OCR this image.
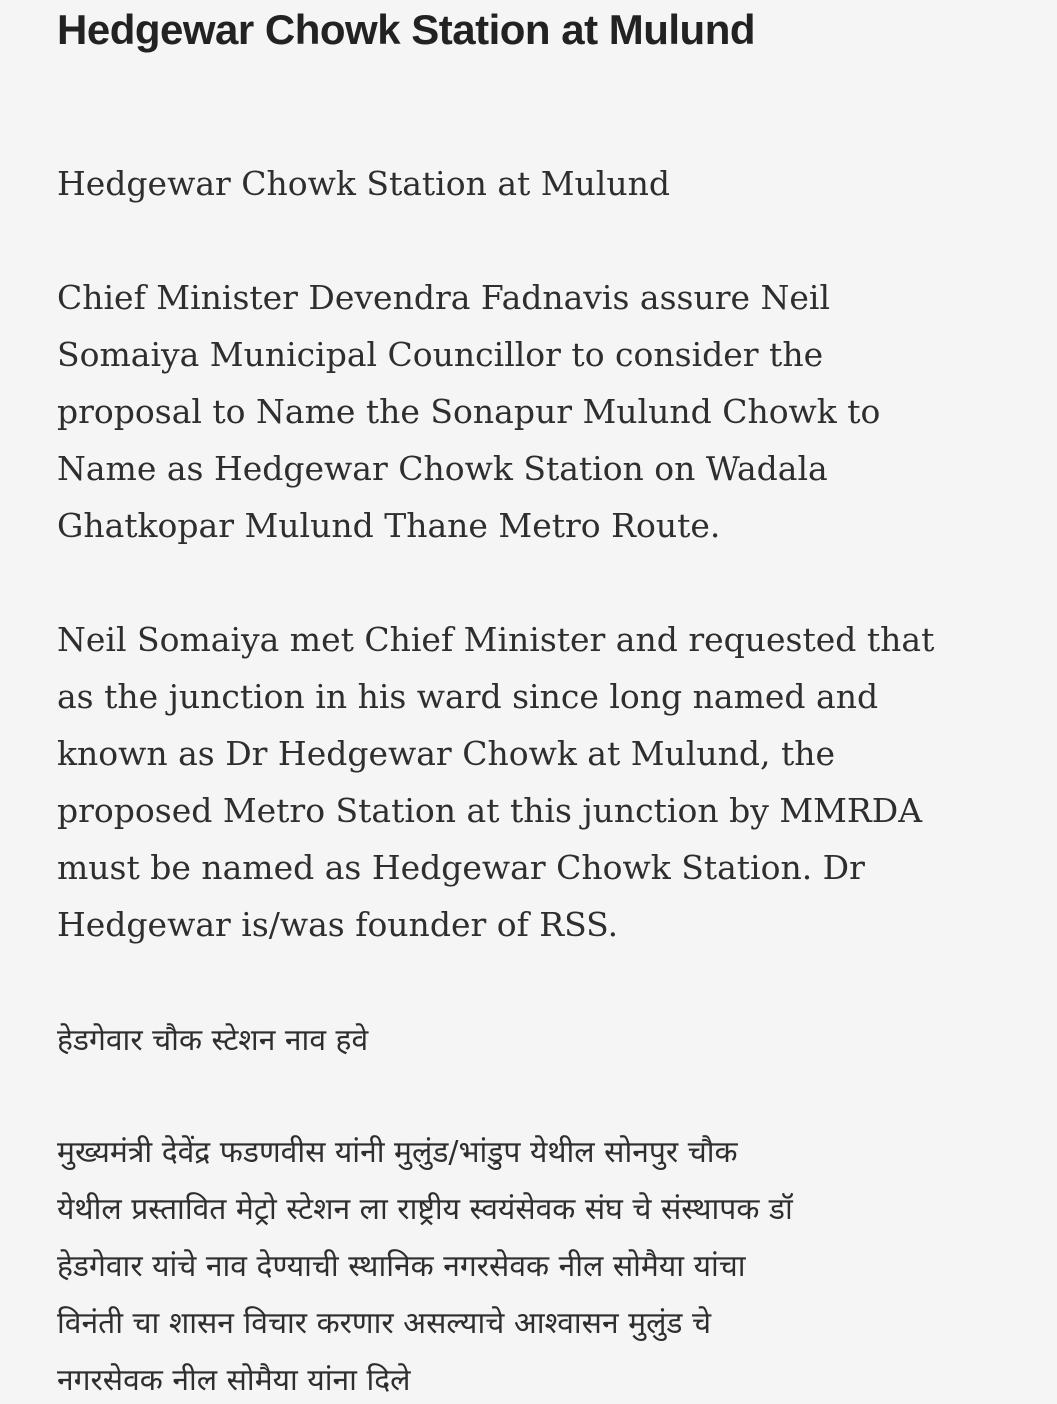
Hedgewar Chowk Station at Mulund

Hedgewar Chowk Station at Mulund

Chief Minister Devendra Fadnavis assure Neil
Somaiya Municipal Councillor to consider the
proposal to Name the Sonapur Mulund Chowk to
Name as Hedgewar Chowk Station on Wadala
Ghatkopar Mulund Thane Metro Route.

Neil Somaiya met Chief Minister and requested that
as the junction in his ward since long named and
known as Dr Hedgewar Chowk at Mulund, the
proposed Metro Station at this junction by MMRDA
must be named as Hedgewar Chowk Station. Dr
Hedgewar is/was founder of RSS.

हेडगेवार चौक स्टेशन नाव हवे

मुख्यमंत्री देवेंद्र फडणवीस यांनी मुलुंड/भांडुप येथील सोनपुर चौक
येथील प्रस्तावित मेट्रो स्टेशन ला राष्ट्रीय स्वयंसेवक संघ चे संस्थापक डॉ
हेडगेवार यांचे नाव देण्याची स्थानिक नगरसेवक नील सोमैया यांचा
विनंती चा शासन विचार करणार असल्याचे आश्वासन मुलुंड चे
नगरसेवक नील सोमैया यांना दिले
